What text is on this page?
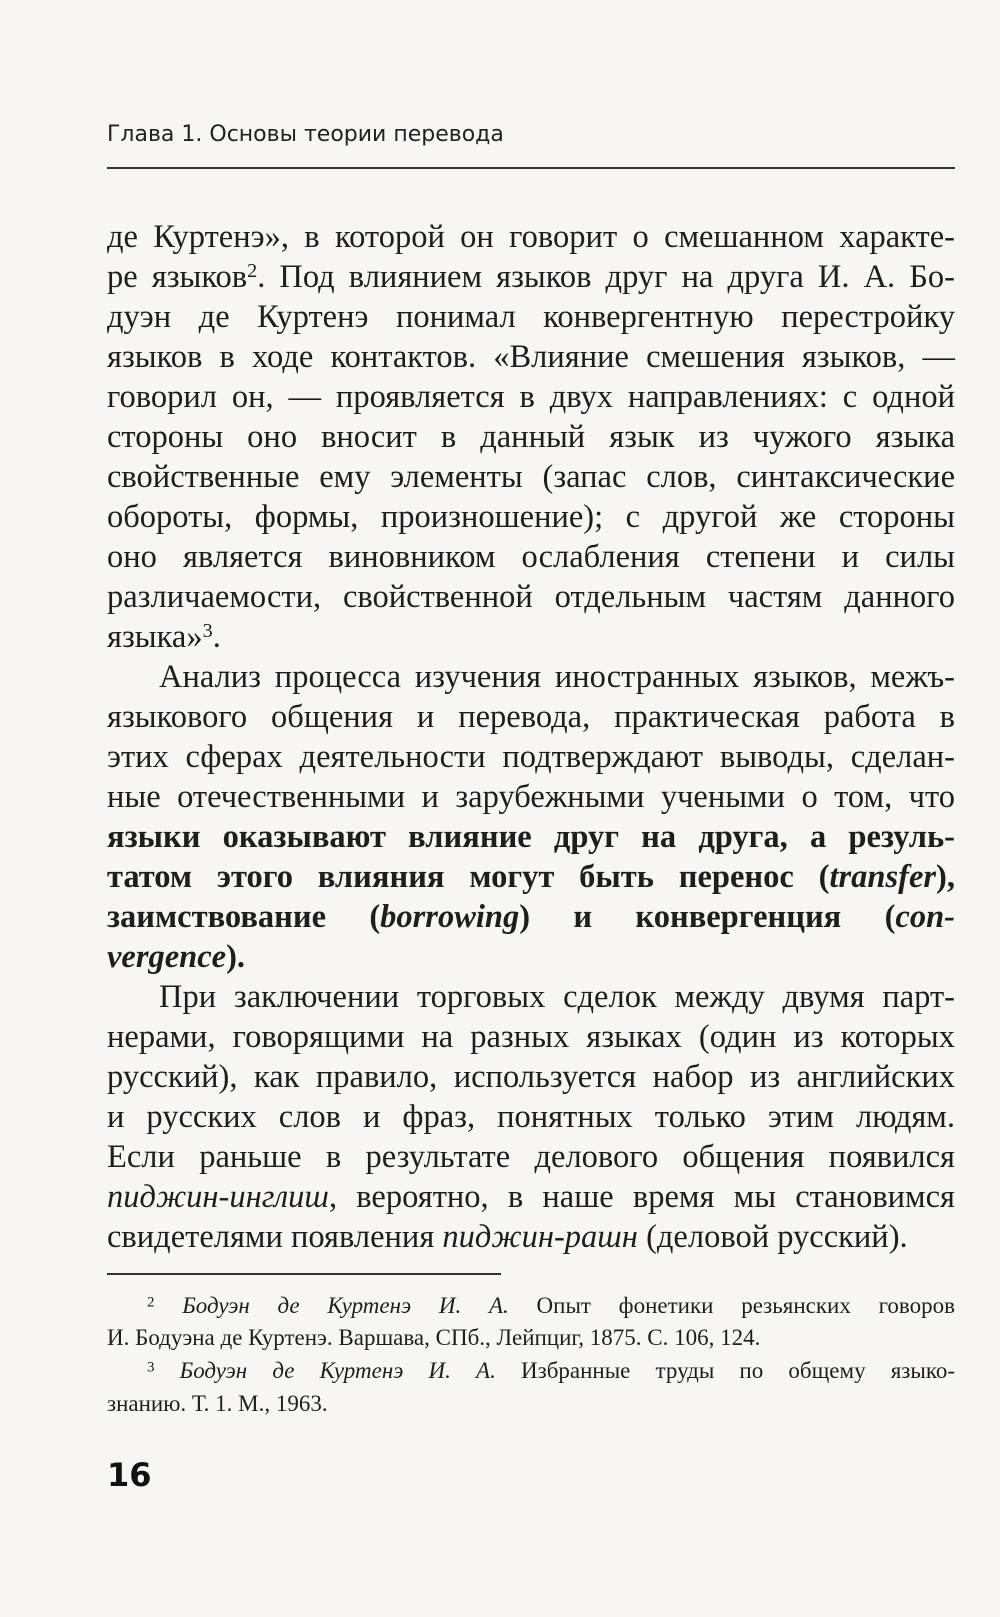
Глава 1. Основы теории перевода
де Куртенэ», в которой он говорит о смешанном характе-
ре языков$^2$. Под влиянием языков друг на друга И. А. Бо-
дуэн де Куртенэ понимал конвергентную перестройку
языков в ходе контактов. «Влияние смешения языков, —
говорил он, — проявляется в двух направлениях: с одной
стороны оно вносит в данный язык из чужого языка
свойственные ему элементы (запас слов, синтаксические
обороты, формы, произношение); с другой же стороны
оно является виновником ослабления степени и силы
различаемости, свойственной отдельным частям данного
языка»$^3$.
Анализ процесса изучения иностранных языков, межъ-
языкового общения и перевода, практическая работа в
этих сферах деятельности подтверждают выводы, сделан-
ные отечественными и зарубежными учеными о том, что
языки оказывают влияние друг на друга, а резуль-
татом этого влияния могут быть перенос (transfer),
заимствование (borrowing) и конвергенция (con-
vergence).
При заключении торговых сделок между двумя парт-
нерами, говорящими на разных языках (один из которых
русский), как правило, используется набор из английских
и русских слов и фраз, понятных только этим людям.
Если раньше в результате делового общения появился
пиджин-инглиш, вероятно, в наше время мы становимся
свидетелями появления пиджин-рашн (деловой русский).
$^2$ Бодуэн де Куртенэ И. А. Опыт фонетики резьянских говоров
И. Бодуэна де Куртенэ. Варшава, СПб., Лейпциг, 1875. С. 106, 124.
$^3$ Бодуэн де Куртенэ И. А. Избранные труды по общему языко-
знанию. Т. 1. М., 1963.
16
